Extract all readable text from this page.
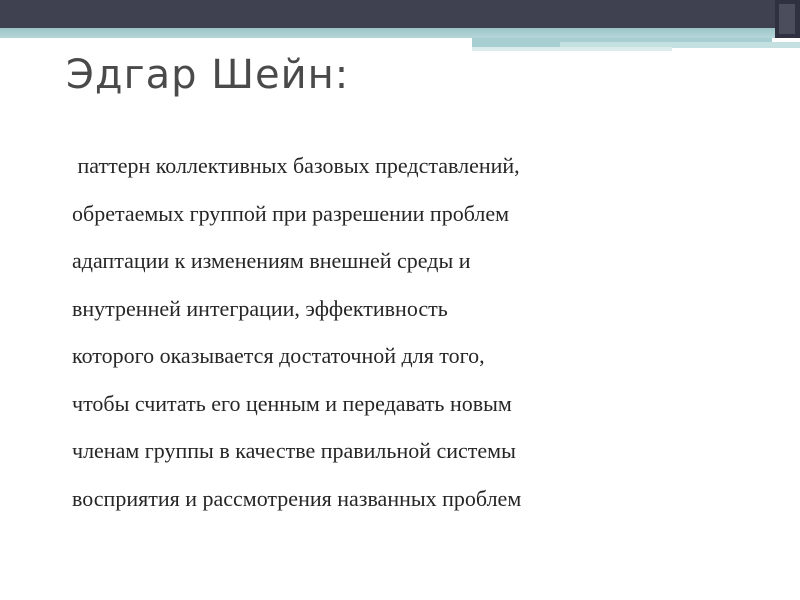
Эдгар Шейн:
паттерн коллективных базовых представлений,
обретаемых группой при разрешении проблем
адаптации к изменениям внешней среды и
внутренней интеграции, эффективность
которого оказывается достаточной для того,
чтобы считать его ценным и передавать новым
членам группы в качестве правильной системы
восприятия и рассмотрения названных проблем
